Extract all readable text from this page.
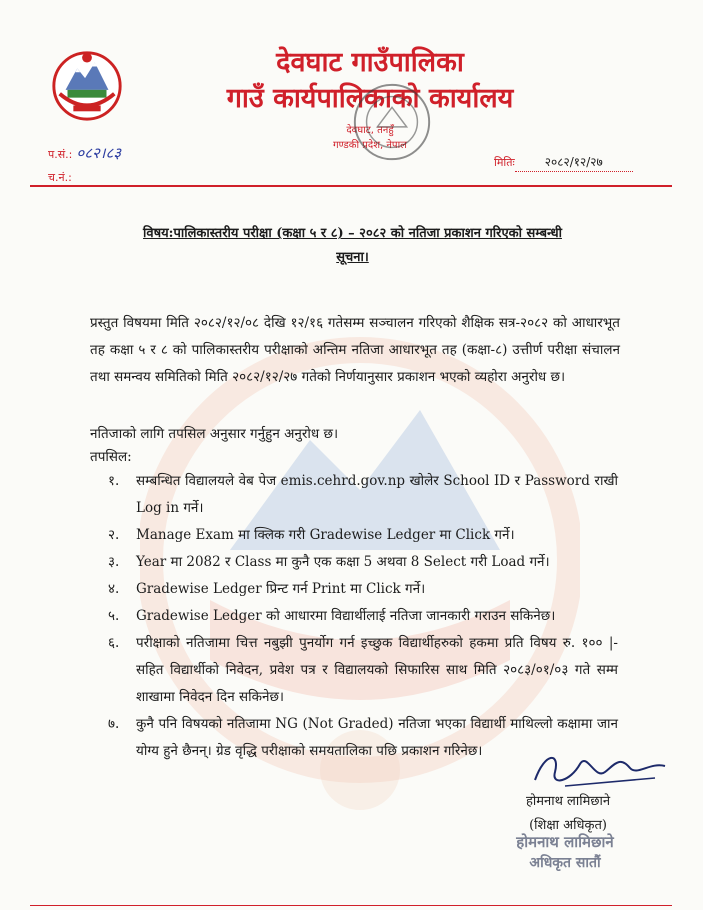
देवघाट गाउँपालिका
गाउँ कार्यपालिकाको कार्यालय
देवघाट, तनहुँ
गण्डकी प्रदेश, नेपाल
प.सं.: ०८२।८३
च.नं.:
मितिः २०८२/१२/२७
विषय:पालिकास्तरीय परीक्षा (कक्षा ५ र ८) – २०८२ को नतिजा प्रकाशन गरिएको सम्बन्धी
सूचना।
प्रस्तुत विषयमा मिति २०८२/१२/०८ देखि १२/१६ गतेसम्म सञ्चालन गरिएको शैक्षिक सत्र-२०८२ को आधारभूत तह कक्षा ५ र ८ को पालिकास्तरीय परीक्षाको अन्तिम नतिजा आधारभूत तह (कक्षा-८) उत्तीर्ण परीक्षा संचालन तथा समन्वय समितिको मिति २०८२/१२/२७ गतेको निर्णयानुसार प्रकाशन भएको व्यहोरा अनुरोध छ।
नतिजाको लागि तपसिल अनुसार गर्नुहुन अनुरोध छ।
तपसिल:
१. सम्बन्धित विद्यालयले वेब पेज emis.cehrd.gov.np खोलेर School ID र Password राखी Log in गर्ने।
२. Manage Exam मा क्लिक गरी Gradewise Ledger मा Click गर्ने।
३. Year मा 2082 र Class मा कुनै एक कक्षा 5 अथवा 8 Select गरी Load गर्ने।
४. Gradewise Ledger प्रिन्ट गर्न Print मा Click गर्ने।
५. Gradewise Ledger को आधारमा विद्यार्थीलाई नतिजा जानकारी गराउन सकिनेछ।
६. परीक्षाको नतिजामा चित्त नबुझी पुनर्योग गर्न इच्छुक विद्यार्थीहरुको हकमा प्रति विषय रु. १०० |- सहित विद्यार्थीको निवेदन, प्रवेश पत्र र विद्यालयको सिफारिस साथ मिति २०८३/०१/०३ गते सम्म शाखामा निवेदन दिन सकिनेछ।
७. कुनै पनि विषयको नतिजामा NG (Not Graded) नतिजा भएका विद्यार्थी माथिल्लो कक्षामा जान योग्य हुने छैनन्। ग्रेड वृद्धि परीक्षाको समयतालिका पछि प्रकाशन गरिनेछ।
होमनाथ लामिछाने
(शिक्षा अधिकृत)
होमनाथ लामिछाने
अधिकृत सातौं
